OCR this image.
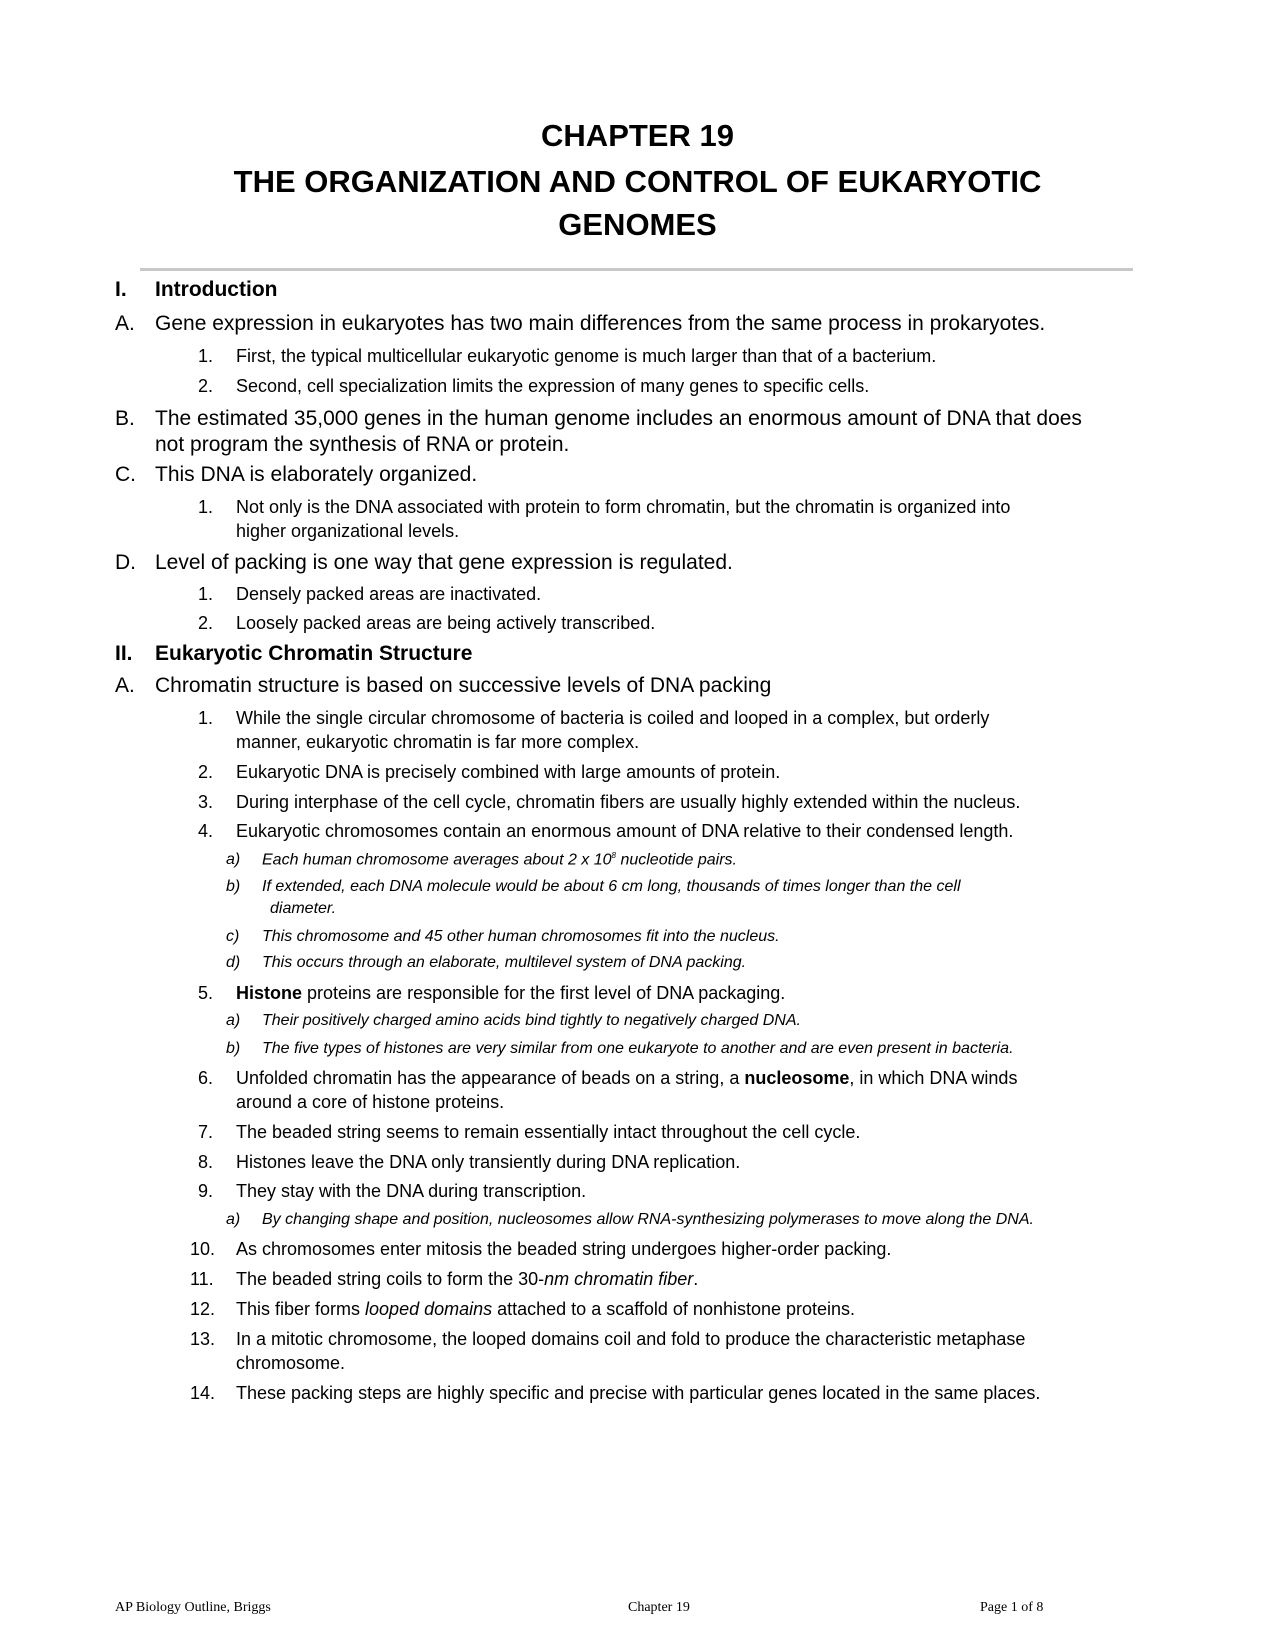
CHAPTER 19
THE ORGANIZATION AND CONTROL OF EUKARYOTIC
GENOMES
I. Introduction
A. Gene expression in eukaryotes has two main differences from the same process in prokaryotes.
1. First, the typical multicellular eukaryotic genome is much larger than that of a bacterium.
2. Second, cell specialization limits the expression of many genes to specific cells.
B. The estimated 35,000 genes in the human genome includes an enormous amount of DNA that does
not program the synthesis of RNA or protein.
C. This DNA is elaborately organized.
1. Not only is the DNA associated with protein to form chromatin, but the chromatin is organized into
higher organizational levels.
D. Level of packing is one way that gene expression is regulated.
1. Densely packed areas are inactivated.
2. Loosely packed areas are being actively transcribed.
II. Eukaryotic Chromatin Structure
A. Chromatin structure is based on successive levels of DNA packing
1. While the single circular chromosome of bacteria is coiled and looped in a complex, but orderly
manner, eukaryotic chromatin is far more complex.
2. Eukaryotic DNA is precisely combined with large amounts of protein.
3. During interphase of the cell cycle, chromatin fibers are usually highly extended within the nucleus.
4. Eukaryotic chromosomes contain an enormous amount of DNA relative to their condensed length.
a) Each human chromosome averages about 2 x $10^8$ nucleotide pairs.
b) If extended, each DNA molecule would be about 6 cm long, thousands of times longer than the cell
diameter.
c) This chromosome and 45 other human chromosomes fit into the nucleus.
d) This occurs through an elaborate, multilevel system of DNA packing.
5. Histone proteins are responsible for the first level of DNA packaging.
a) Their positively charged amino acids bind tightly to negatively charged DNA.
b) The five types of histones are very similar from one eukaryote to another and are even present in bacteria.
6. Unfolded chromatin has the appearance of beads on a string, a nucleosome, in which DNA winds
around a core of histone proteins.
7. The beaded string seems to remain essentially intact throughout the cell cycle.
8. Histones leave the DNA only transiently during DNA replication.
9. They stay with the DNA during transcription.
a) By changing shape and position, nucleosomes allow RNA-synthesizing polymerases to move along the DNA.
10. As chromosomes enter mitosis the beaded string undergoes higher-order packing.
11. The beaded string coils to form the 30-nm chromatin fiber.
12. This fiber forms looped domains attached to a scaffold of nonhistone proteins.
13. In a mitotic chromosome, the looped domains coil and fold to produce the characteristic metaphase
chromosome.
14. These packing steps are highly specific and precise with particular genes located in the same places.
AP Biology Outline, Briggs	Chapter 19	Page 1 of 8
